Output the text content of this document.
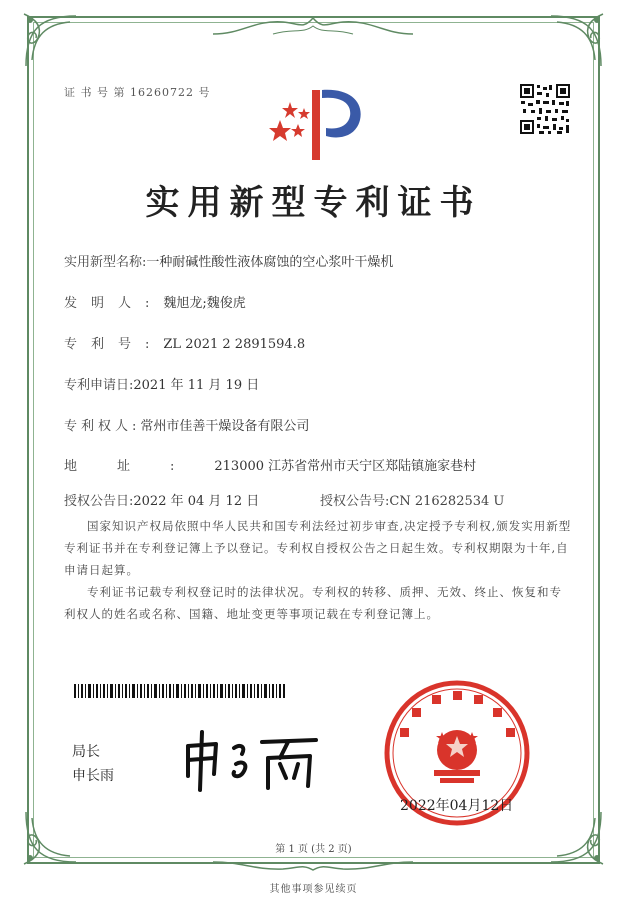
证 书 号 第 16260722 号
实用新型专利证书
实用新型名称:一种耐碱性酸性液体腐蚀的空心浆叶干燥机
发明人:魏旭龙;魏俊虎
专利号:ZL 2021 2 2891594.8
专利申请日:2021 年 11 月 19 日
专利权人:常州市佳善干燥设备有限公司
地址:213000 江苏省常州市天宁区郑陆镇施家巷村
授权公告日:2022 年 04 月 12 日	授权公告号:CN 216282534 U
国家知识产权局依照中华人民共和国专利法经过初步审查,决定授予专利权,颁发实用新型专利证书并在专利登记簿上予以登记。专利权自授权公告之日起生效。专利权期限为十年,自申请日起算。
专利证书记载专利权登记时的法律状况。专利权的转移、质押、无效、终止、恢复和专利权人的姓名或名称、国籍、地址变更等事项记载在专利登记簿上。
局长
申长雨
2022年04月12日
第 1 页 (共 2 页)
其他事项参见续页
